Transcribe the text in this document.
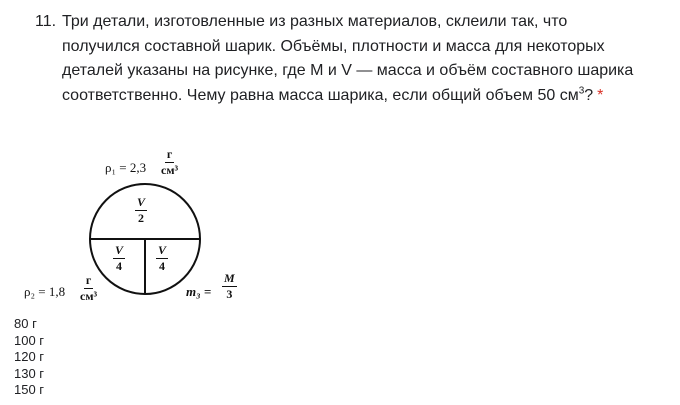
11. Три детали, изготовленные из разных материалов, склеили так, что получился составной шарик. Объёмы, плотности и масса для некоторых деталей указаны на рисунке, где M и V — масса и объём составного шарика соответственно. Чему равна масса шарика, если общий объем 50 $см^3$? *
ρ₁ = 2,3
г
см³
$\frac{V}{2}$
$\frac{V}{4}$	$\frac{V}{4}$
ρ₂ = 1,8
г
см³	$m_3 = \frac{M}{3}$
80 г
100 г
120 г
130 г
150 г
